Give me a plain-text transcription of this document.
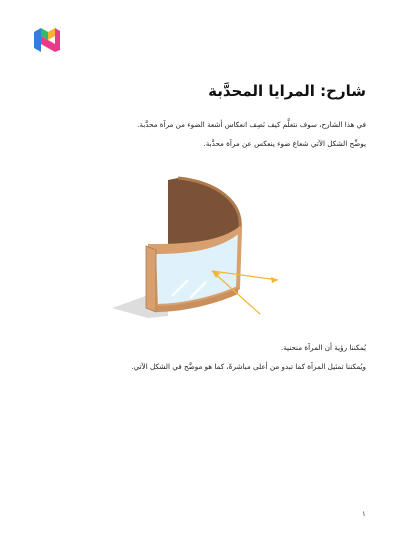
شارح: المرايا المحدَّبة
في هذا الشارح، سوف نتعلَّم كيف نَصِف انعكاس أشعة الضوء من مرآة محدَّبة.
يوضِّح الشكل الآتي شعاع ضوء ينعكس عن مرآة محدَّبة.
يُمكننا رؤية أن المرآة منحنية.
ويُمكننا تمثيل المرآة كما تبدو من أعلى مباشرةً، كما هو موضَّح في الشكل الآتي.
١
